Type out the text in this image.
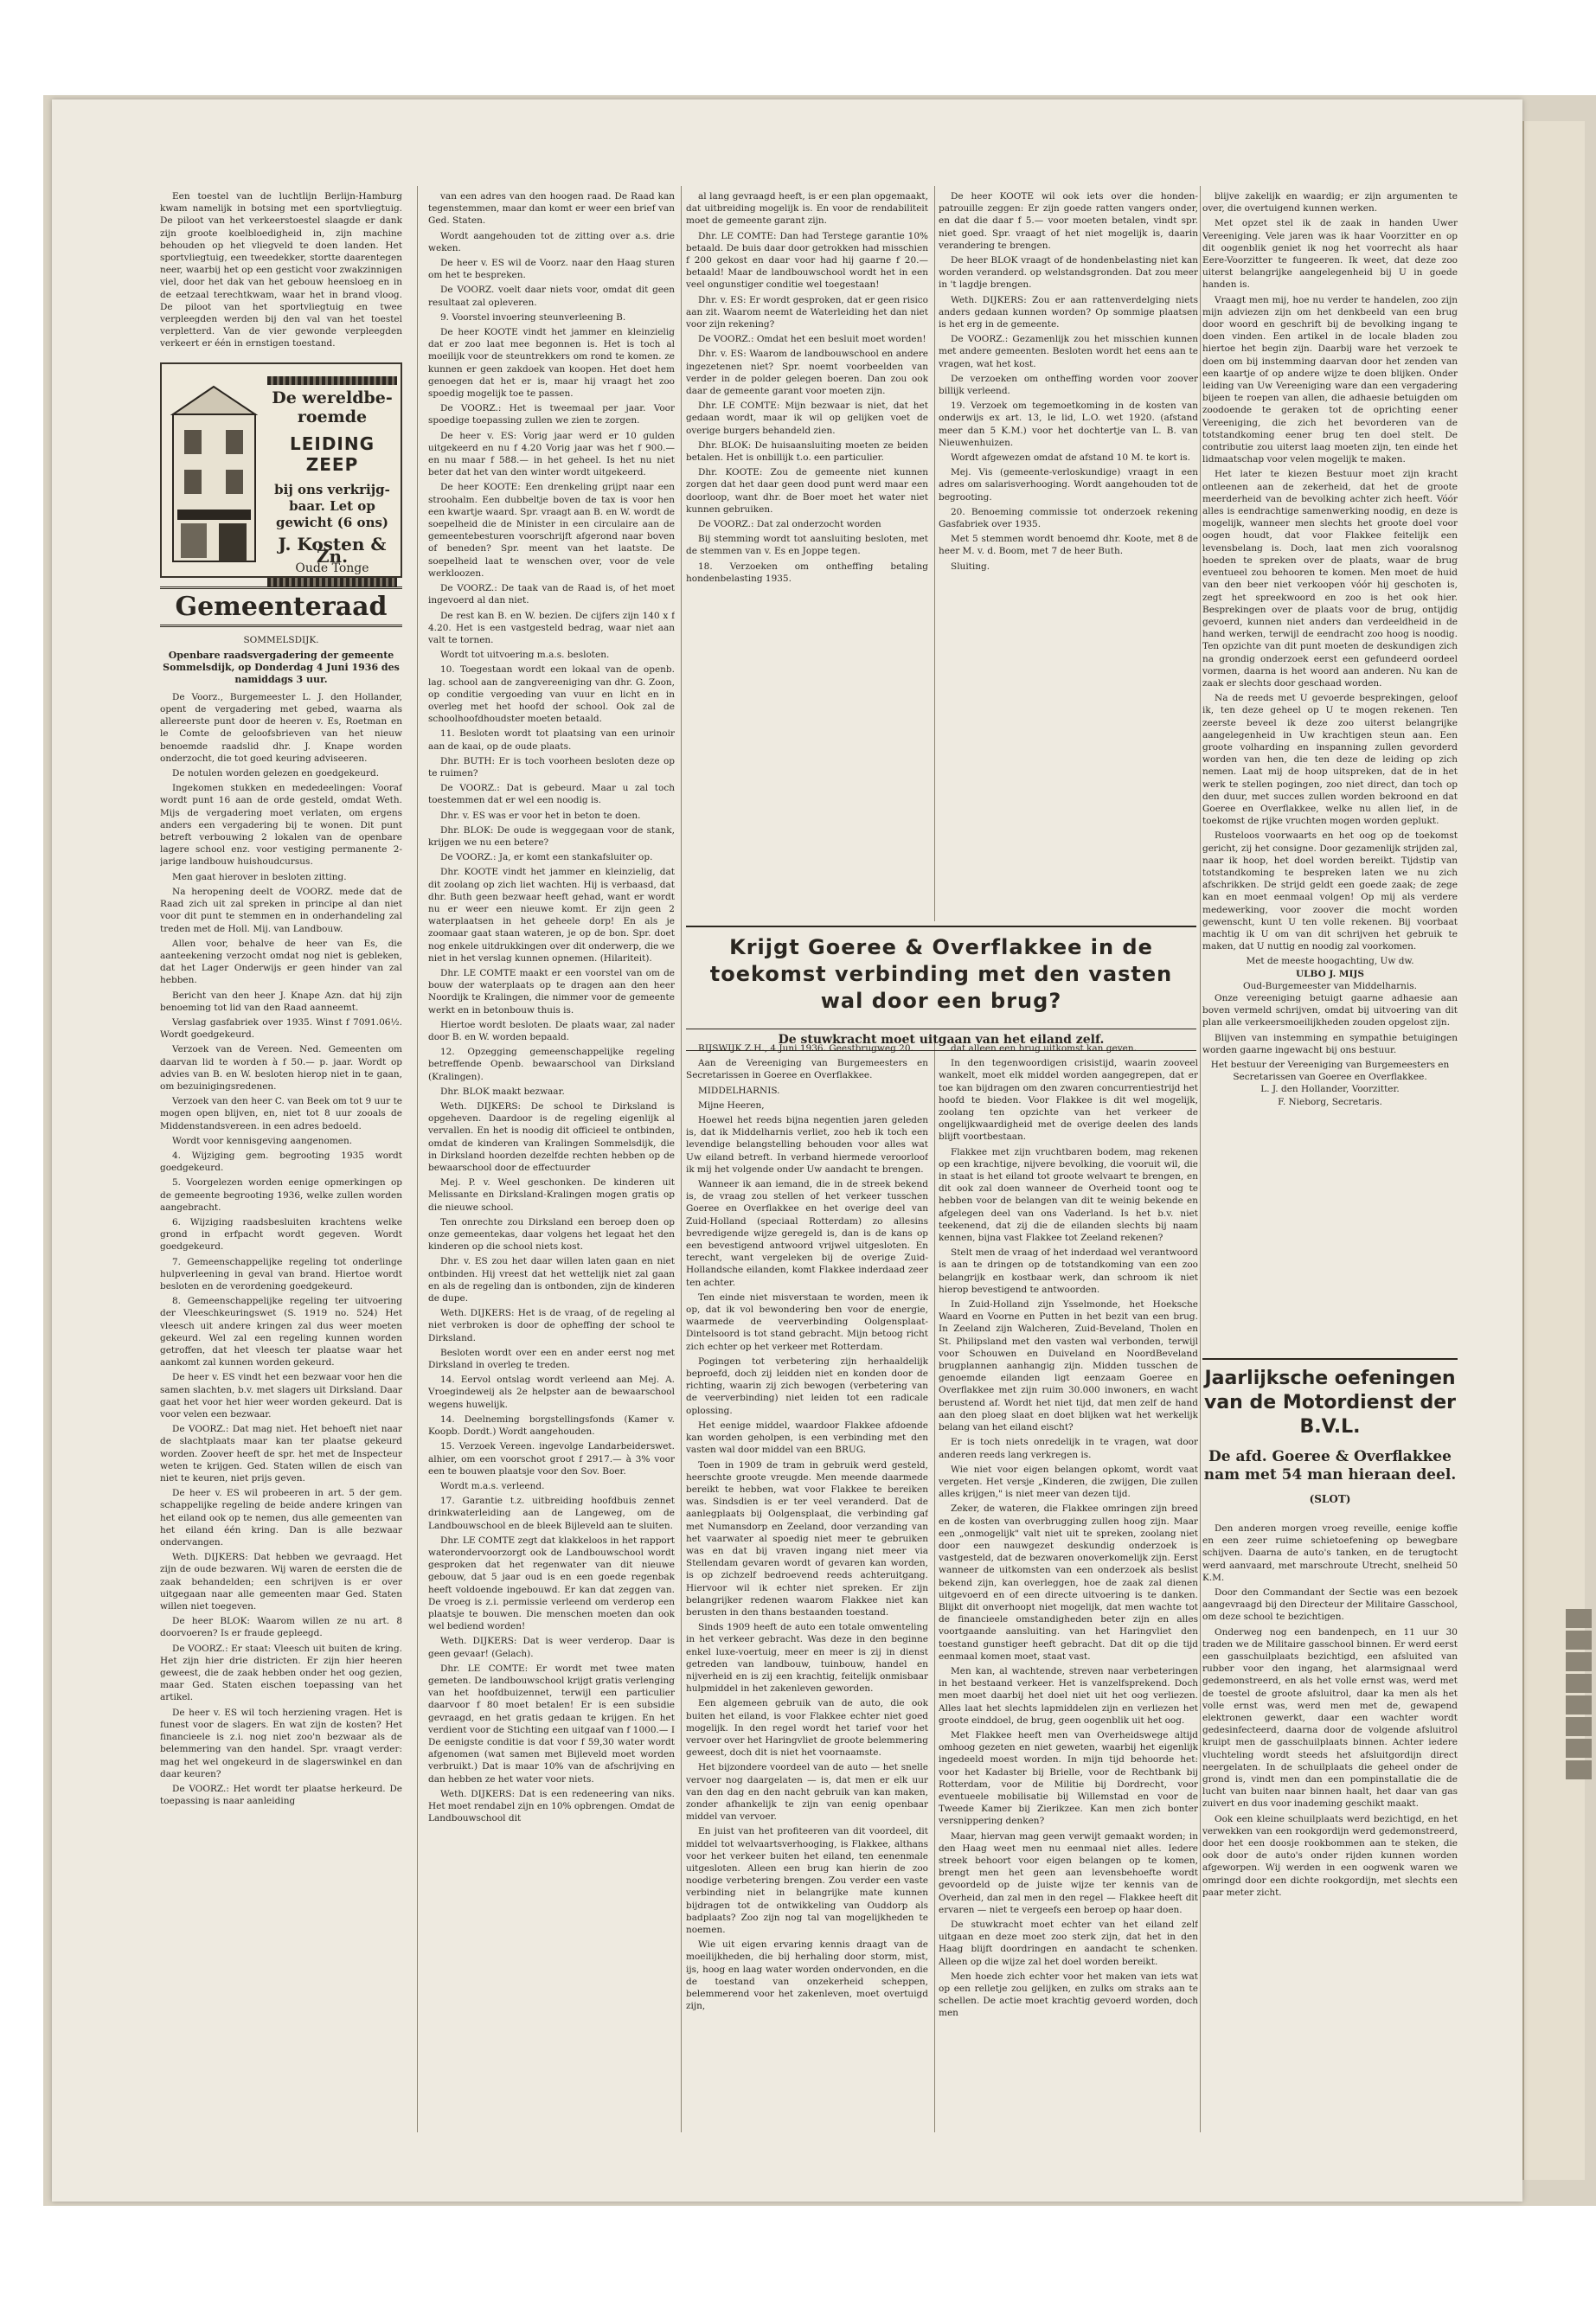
Een toestel van de luchtlijn Berlijn-Hamburg kwam namelijk in botsing met een sportvliegtuig. De piloot van het verkeerstoestel slaagde er dank zijn groote koelbloedigheid in, zijn machine behouden op het vliegveld te doen landen. Het sportvliegtuig, een tweedekker, stortte daarentegen neer, waarbij het op een gesticht voor zwakzinnigen viel, door het dak van het gebouw heensloeg en in de eetzaal terechtkwam, waar het in brand vloog. De piloot van het sportvliegtuig en twee verpleegden werden bij den val van het toestel verpletterd. Van de vier gewonde verpleegden verkeert er één in ernstigen toestand.

De wereldbe- roemde
LEIDING ZEEP
bij ons verkrijg- baar. Let op gewicht (6 ons)
J. Kosten & Zn.
Oude Tonge
Gemeenteraad
SOMMELSDIJK.
Openbare raadsvergadering der gemeente Sommelsdijk, op Donderdag 4 Juni 1936 des namiddags 3 uur.

De Voorz., Burgemeester L. J. den Hollander, opent de vergadering met gebed, waarna als allereerste punt door de heeren v. Es, Roetman en le Comte de geloofsbrieven van het nieuw benoemde raadslid dhr. J. Knape worden onderzocht, die tot goed keuring adviseeren.

De notulen worden gelezen en goedgekeurd.

Ingekomen stukken en mededeelingen: Vooraf wordt punt 16 aan de orde gesteld, omdat Weth. Mijs de vergadering moet verlaten, om ergens anders een vergadering bij te wonen. Dit punt betreft verbouwing 2 lokalen van de openbare lagere school enz. voor vestiging permanente 2-jarige landbouw huishoudcursus.

Men gaat hierover in besloten zitting.

Na heropening deelt de VOORZ. mede dat de Raad zich uit zal spreken in principe al dan niet voor dit punt te stemmen en in onderhandeling zal treden met de Holl. Mij. van Landbouw.

Allen voor, behalve de heer van Es, die aanteekening verzocht omdat nog niet is gebleken, dat het Lager Onderwijs er geen hinder van zal hebben.

Bericht van den heer J. Knape Azn. dat hij zijn benoeming tot lid van den Raad aanneemt.

Verslag gasfabriek over 1935. Winst f 7091.06½. Wordt goedgekeurd.

Verzoek van de Vereen. Ned. Gemeenten om daarvan lid te worden à f 50.— p. jaar. Wordt op advies van B. en W. besloten hierop niet in te gaan, om bezuinigingsredenen.

Verzoek van den heer C. van Beek om tot 9 uur te mogen open blijven, en, niet tot 8 uur zooals de Middenstandsvereen. in een adres bedoeld.

Wordt voor kennisgeving aangenomen.

4. Wijziging gem. begrooting 1935 wordt goedgekeurd.

5. Voorgelezen worden eenige opmerkingen op de gemeente begrooting 1936, welke zullen worden aangebracht.

6. Wijziging raadsbesluiten krachtens welke grond in erfpacht wordt gegeven. Wordt goedgekeurd.

7. Gemeenschappelijke regeling tot onderlinge hulpverleening in geval van brand. Hiertoe wordt besloten en de verordening goedgekeurd.

8. Gemeenschappelijke regeling ter uitvoering der Vleeschkeuringswet (S. 1919 no. 524) Het vleesch uit andere kringen zal dus weer moeten gekeurd. Wel zal een regeling kunnen worden getroffen, dat het vleesch ter plaatse waar het aankomt zal kunnen worden gekeurd.

De heer v. ES vindt het een bezwaar voor hen die samen slachten, b.v. met slagers uit Dirksland. Daar gaat het voor het hier weer worden gekeurd. Dat is voor velen een bezwaar.

De VOORZ.: Dat mag niet. Het behoeft niet naar de slachtplaats maar kan ter plaatse gekeurd worden. Zoover heeft de spr. het met de Inspecteur weten te krijgen. Ged. Staten willen de eisch van niet te keuren, niet prijs geven.

De heer v. ES wil probeeren in art. 5 der gem. schappelijke regeling de beide andere kringen van het eiland ook op te nemen, dus alle gemeenten van het eiland één kring. Dan is alle bezwaar ondervangen.

Weth. DIJKERS: Dat hebben we gevraagd. Het zijn de oude bezwaren. Wij waren de eersten die de zaak behandelden; een schrijven is er over uitgegaan naar alle gemeenten maar Ged. Staten willen niet toegeven.

De heer BLOK: Waarom willen ze nu art. 8 doorvoeren? Is er fraude gepleegd.

De VOORZ.: Er staat: Vleesch uit buiten de kring. Het zijn hier drie districten. Er zijn hier heeren geweest, die de zaak hebben onder het oog gezien, maar Ged. Staten eischen toepassing van het artikel.

De heer v. ES wil toch herziening vragen. Het is funest voor de slagers. En wat zijn de kosten? Het financieele is z.i. nog niet zoo'n bezwaar als de belemmering van den handel. Spr. vraagt verder: mag het wel ongekeurd in de slagerswinkel en dan daar keuren?

De VOORZ.: Het wordt ter plaatse herkeurd. De toepassing is naar aanleiding

van een adres van den hoogen raad. De Raad kan tegenstemmen, maar dan komt er weer een brief van Ged. Staten.

Wordt aangehouden tot de zitting over a.s. drie weken.

De heer v. ES wil de Voorz. naar den Haag sturen om het te bespreken.

De VOORZ. voelt daar niets voor, omdat dit geen resultaat zal opleveren.

9. Voorstel invoering steunverleening B.

De heer KOOTE vindt het jammer en kleinzielig dat er zoo laat mee begonnen is. Het is toch al moeilijk voor de steuntrekkers om rond te komen. ze kunnen er geen zakdoek van koopen. Het doet hem genoegen dat het er is, maar hij vraagt het zoo spoedig mogelijk toe te passen.

De VOORZ.: Het is tweemaal per jaar. Voor spoedige toepassing zullen we zien te zorgen.

De heer v. ES: Vorig jaar werd er 10 gulden uitgekeerd en nu f 4.20 Vorig jaar was het f 900.— en nu maar f 588.— in het geheel. Is het nu niet beter dat het van den winter wordt uitgekeerd.

De heer KOOTE: Een drenkeling grijpt naar een stroohalm. Een dubbeltje boven de tax is voor hen een kwartje waard. Spr. vraagt aan B. en W. wordt de soepelheid die de Minister in een circulaire aan de gemeentebesturen voorschrijft afgerond naar boven of beneden? Spr. meent van het laatste. De soepelheid laat te wenschen over, voor de vele werkloozen.

De VOORZ.: De taak van de Raad is, of het moet ingevoerd al dan niet.

De rest kan B. en W. bezien. De cijfers zijn 140 x f 4.20. Het is een vastgesteld bedrag, waar niet aan valt te tornen.

Wordt tot uitvoering m.a.s. besloten.

10. Toegestaan wordt een lokaal van de openb. lag. school aan de zangvereeniging van dhr. G. Zoon, op conditie vergoeding van vuur en licht en in overleg met het hoofd der school. Ook zal de schoolhoofdhoudster moeten betaald.

11. Besloten wordt tot plaatsing van een urinoir aan de kaai, op de oude plaats.

Dhr. BUTH: Er is toch voorheen besloten deze op te ruimen?

De VOORZ.: Dat is gebeurd. Maar u zal toch toestemmen dat er wel een noodig is.

Dhr. v. ES was er voor het in beton te doen.

Dhr. BLOK: De oude is weggegaan voor de stank, krijgen we nu een betere?

De VOORZ.: Ja, er komt een stankafsluiter op.

Dhr. KOOTE vindt het jammer en kleinzielig, dat dit zoolang op zich liet wachten. Hij is verbaasd, dat dhr. Buth geen bezwaar heeft gehad, want er wordt nu er weer een nieuwe komt. Er zijn geen 2 waterplaatsen in het geheele dorp! En als je zoomaar gaat staan wateren, je op de bon. Spr. doet nog enkele uitdrukkingen over dit onderwerp, die we niet in het verslag kunnen opnemen. (Hilariteit).

Dhr. LE COMTE maakt er een voorstel van om de bouw der waterplaats op te dragen aan den heer Noordijk te Kralingen, die nimmer voor de gemeente werkt en in betonbouw thuis is.

Hiertoe wordt besloten. De plaats waar, zal nader door B. en W. worden bepaald.

12. Opzegging gemeenschappelijke regeling betreffende Openb. bewaarschool van Dirksland (Kralingen).

Dhr. BLOK maakt bezwaar.

Weth. DIJKERS: De school te Dirksland is opgeheven. Daardoor is de regeling eigenlijk al vervallen. En het is noodig dit officieel te ontbinden, omdat de kinderen van Kralingen Sommelsdijk, die in Dirksland hoorden dezelfde rechten hebben op de bewaarschool door de effectuurder

Mej. P. v. Weel geschonken. De kinderen uit Melissante en Dirksland-Kralingen mogen gratis op die nieuwe school.

Ten onrechte zou Dirksland een beroep doen op onze gemeentekas, daar volgens het legaat het den kinderen op die school niets kost.

Dhr. v. ES zou het daar willen laten gaan en niet ontbinden. Hij vreest dat het wettelijk niet zal gaan en als de regeling dan is ontbonden, zijn de kinderen de dupe.

Weth. DIJKERS: Het is de vraag, of de regeling al niet verbroken is door de opheffing der school te Dirksland.

Besloten wordt over een en ander eerst nog met Dirksland in overleg te treden.

14. Eervol ontslag wordt verleend aan Mej. A. Vroegindeweij als 2e helpster aan de bewaarschool wegens huwelijk.

14. Deelneming borgstellingsfonds (Kamer v. Koopb. Dordt.) Wordt aangehouden.

15. Verzoek Vereen. ingevolge Landarbeiderswet. alhier, om een voorschot groot f 2917.— à 3% voor een te bouwen plaatsje voor den Sov. Boer.

Wordt m.a.s. verleend.

17. Garantie t.z. uitbreiding hoofdbuis zennet drinkwaterleiding aan de Langeweg, om de Landbouwschool en de bleek Bijleveld aan te sluiten.

Dhr. LE COMTE zegt dat klakkeloos in het rapport waterondervoorzorgt ook de Landbouwschool wordt gesproken dat het regenwater van dit nieuwe gebouw, dat 5 jaar oud is en een goede regenbak heeft voldoende ingebouwd. Er kan dat zeggen van. De vroeg is z.i. permissie verleend om verderop een plaatsje te bouwen. Die menschen moeten dan ook wel bediend worden!

Weth. DIJKERS: Dat is weer verderop. Daar is geen gevaar! (Gelach).

Dhr. LE COMTE: Er wordt met twee maten gemeten. De landbouwschool krijgt gratis verlenging van het hoofdbuizennet, terwijl een particulier daarvoor f 80 moet betalen! Er is een subsidie gevraagd, en het gratis gedaan te krijgen. En het verdient voor de Stichting een uitgaaf van f 1000.— I De eenigste conditie is dat voor f 59,30 water wordt afgenomen (wat samen met Bijleveld moet worden verbruikt.) Dat is maar 10% van de afschrijving en dan hebben ze het water voor niets.

Weth. DIJKERS: Dat is een redeneering van niks. Het moet rendabel zijn en 10% opbrengen. Omdat de Landbouwschool dit

al lang gevraagd heeft, is er een plan opgemaakt, dat uitbreiding mogelijk is. En voor de rendabiliteit moet de gemeente garant zijn.

Dhr. LE COMTE: Dan had Terstege garantie 10% betaald. De buis daar door getrokken had misschien f 200 gekost en daar voor had hij gaarne f 20.— betaald! Maar de landbouwschool wordt het in een veel ongunstiger conditie wel toegestaan!

Dhr. v. ES: Er wordt gesproken, dat er geen risico aan zit. Waarom neemt de Waterleiding het dan niet voor zijn rekening?

De VOORZ.: Omdat het een besluit moet worden!

Dhr. v. ES: Waarom de landbouwschool en andere ingezetenen niet? Spr. noemt voorbeelden van verder in de polder gelegen boeren. Dan zou ook daar de gemeente garant voor moeten zijn.

Dhr. LE COMTE: Mijn bezwaar is niet, dat het gedaan wordt, maar ik wil op gelijken voet de overige burgers behandeld zien.

Dhr. BLOK: De huisaansluiting moeten ze beiden betalen. Het is onbillijk t.o. een particulier.

Dhr. KOOTE: Zou de gemeente niet kunnen zorgen dat het daar geen dood punt werd maar een doorloop, want dhr. de Boer moet het water niet kunnen gebruiken.

De VOORZ.: Dat zal onderzocht worden

Bij stemming wordt tot aansluiting besloten, met de stemmen van v. Es en Joppe tegen.

18. Verzoeken om ontheffing betaling hondenbelasting 1935.

De heer KOOTE wil ook iets over die honden-patrouille zeggen: Er zijn goede ratten vangers onder, en dat die daar f 5.— voor moeten betalen, vindt spr. niet goed. Spr. vraagt of het niet mogelijk is, daarin verandering te brengen.

De heer BLOK vraagt of de hondenbelasting niet kan worden veranderd. op welstandsgronden. Dat zou meer in 't lagdje brengen.

Weth. DIJKERS: Zou er aan rattenverdelging niets anders gedaan kunnen worden? Op sommige plaatsen is het erg in de gemeente.

De VOORZ.: Gezamenlijk zou het misschien kunnen met andere gemeenten. Besloten wordt het eens aan te vragen, wat het kost.

De verzoeken om ontheffing worden voor zoover billijk verleend.

19. Verzoek om tegemoetkoming in de kosten van onderwijs ex art. 13, le lid, L.O. wet 1920. (afstand meer dan 5 K.M.) voor het dochtertje van L. B. van Nieuwenhuizen.

Wordt afgewezen omdat de afstand 10 M. te kort is.

Mej. Vis (gemeente-verloskundige) vraagt in een adres om salarisverhooging. Wordt aangehouden tot de begrooting.

20. Benoeming commissie tot onderzoek rekening Gasfabriek over 1935.

Met 5 stemmen wordt benoemd dhr. Koote, met 8 de heer M. v. d. Boom, met 7 de heer Buth.

Sluiting.

Krijgt Goeree & Overflakkee in de toekomst verbinding met den vasten wal door een brug?
De stuwkracht moet uitgaan van het eiland zelf.

RIJSWIJK Z.H., 4 Juni 1936. Geestbrugweg 20.

Aan de Vereeniging van Burgemeesters en Secretarissen in Goeree en Overflakkee.

MIDDELHARNIS.

Mijne Heeren,

Hoewel het reeds bijna negentien jaren geleden is, dat ik Middelharnis verliet, zoo heb ik toch een levendige belangstelling behouden voor alles wat Uw eiland betreft. In verband hiermede veroorloof ik mij het volgende onder Uw aandacht te brengen.

Wanneer ik aan iemand, die in de streek bekend is, de vraag zou stellen of het verkeer tusschen Goeree en Overflakkee en het overige deel van Zuid-Holland (speciaal Rotterdam) zo allesins bevredigende wijze geregeld is, dan is de kans op een bevestigend antwoord vrijwel uitgesloten. En terecht, want vergeleken bij de overige Zuid-Hollandsche eilanden, komt Flakkee inderdaad zeer ten achter.

Ten einde niet misverstaan te worden, meen ik op, dat ik vol bewondering ben voor de energie, waarmede de veerverbinding Oolgensplaat-Dintelsoord is tot stand gebracht. Mijn betoog richt zich echter op het verkeer met Rotterdam.

Pogingen tot verbetering zijn herhaaldelijk beproefd, doch zij leidden niet en konden door de richting, waarin zij zich bewogen (verbetering van de veerverbinding) niet leiden tot een radicale oplossing.

Het eenige middel, waardoor Flakkee afdoende kan worden geholpen, is een verbinding met den vasten wal door middel van een BRUG.

Toen in 1909 de tram in gebruik werd gesteld, heerschte groote vreugde. Men meende daarmede bereikt te hebben, wat voor Flakkee te bereiken was. Sindsdien is er ter veel veranderd. Dat de aanlegplaats bij Oolgensplaat, die verbinding gaf met Numansdorp en Zeeland, door verzanding van het vaarwater al spoedig niet meer te gebruiken was en dat bij vraven ingang niet meer via Stellendam gevaren wordt of gevaren kan worden, is op zichzelf bedroevend reeds achteruitgang. Hiervoor wil ik echter niet spreken. Er zijn belangrijker redenen waarom Flakkee niet kan berusten in den thans bestaanden toestand.

Sinds 1909 heeft de auto een totale omwenteling in het verkeer gebracht. Was deze in den beginne enkel luxe-voertuig, meer en meer is zij in dienst getreden van landbouw, tuinbouw, handel en nijverheid en is zij een krachtig, feitelijk onmisbaar hulpmiddel in het zakenleven geworden.

Een algemeen gebruik van de auto, die ook buiten het eiland, is voor Flakkee echter niet goed mogelijk. In den regel wordt het tarief voor het vervoer over het Haringvliet de groote belemmering geweest, doch dit is niet het voornaamste.

Het bijzondere voordeel van de auto — het snelle vervoer nog daargelaten — is, dat men er elk uur van den dag en den nacht gebruik van kan maken, zonder afhankelijk te zijn van eenig openbaar middel van vervoer.

En juist van het profiteeren van dit voordeel, dit middel tot welvaartsverhooging, is Flakkee, althans voor het verkeer buiten het eiland, ten eenenmale uitgesloten. Alleen een brug kan hierin de zoo noodige verbetering brengen. Zou verder een vaste verbinding niet in belangrijke mate kunnen bijdragen tot de ontwikkeling van Ouddorp als badplaats? Zoo zijn nog tal van mogelijkheden te noemen.

Wie uit eigen ervaring kennis draagt van de moeilijkheden, die bij herhaling door storm, mist, ijs, hoog en laag water worden ondervonden, en die de toestand van onzekerheid scheppen, belemmerend voor het zakenleven, moet overtuigd zijn,

dat alleen een brug uitkomst kan geven.

In den tegenwoordigen crisistijd, waarin zooveel wankelt, moet elk middel worden aangegrepen, dat er toe kan bijdragen om den zwaren concurrentiestrijd het hoofd te bieden. Voor Flakkee is dit wel mogelijk, zoolang ten opzichte van het verkeer de ongelijkwaardigheid met de overige deelen des lands blijft voortbestaan.

Flakkee met zijn vruchtbaren bodem, mag rekenen op een krachtige, nijvere bevolking, die vooruit wil, die in staat is het eiland tot groote welvaart te brengen, en dit ook zal doen wanneer de Overheid toont oog te hebben voor de belangen van dit te weinig bekende en afgelegen deel van ons Vaderland. Is het b.v. niet teekenend, dat zij die de eilanden slechts bij naam kennen, bijna vast Flakkee tot Zeeland rekenen?

Stelt men de vraag of het inderdaad wel verantwoord is aan te dringen op de totstandkoming van een zoo belangrijk en kostbaar werk, dan schroom ik niet hierop bevestigend te antwoorden.

In Zuid-Holland zijn Ysselmonde, het Hoeksche Waard en Voorne en Putten in het bezit van een brug. In Zeeland zijn Walcheren, Zuid-Beveland, Tholen en St. Philipsland met den vasten wal verbonden, terwijl voor Schouwen en Duiveland en NoordBeveland brugplannen aanhangig zijn. Midden tusschen de genoemde eilanden ligt eenzaam Goeree en Overflakkee met zijn ruim 30.000 inwoners, en wacht berustend af. Wordt het niet tijd, dat men zelf de hand aan den ploeg slaat en doet blijken wat het werkelijk belang van het eiland eischt?

Er is toch niets onredelijk in te vragen, wat door anderen reeds lang verkregen is.

Wie niet voor eigen belangen opkomt, wordt vaat vergeten. Het versje „Kinderen, die zwijgen, Die zullen alles krijgen," is niet meer van dezen tijd.

Zeker, de wateren, die Flakkee omringen zijn breed en de kosten van overbrugging zullen hoog zijn. Maar een „onmogelijk" valt niet uit te spreken, zoolang niet door een nauwgezet deskundig onderzoek is vastgesteld, dat de bezwaren onoverkomelijk zijn. Eerst wanneer de uitkomsten van een onderzoek als beslist bekend zijn, kan overleggen, hoe de zaak zal dienen uitgevoerd en of een directe uitvoering is te danken. Blijkt dit onverhoopt niet mogelijk, dat men wachte tot de financieele omstandigheden beter zijn en alles voortgaande aansluiting. van het Haringvliet den toestand gunstiger heeft gebracht. Dat dit op die tijd eenmaal komen moet, staat vast.

Men kan, al wachtende, streven naar verbeteringen in het bestaand verkeer. Het is vanzelfsprekend. Doch men moet daarbij het doel niet uit het oog verliezen. Alles laat het slechts lapmiddelen zijn en verliezen het groote einddoel, de brug, geen oogenblik uit het oog.

Met Flakkee heeft men van Overheidswege altijd omhoog gezeten en niet geweten, waarbij het eigenlijk ingedeeld moest worden. In mijn tijd behoorde het: voor het Kadaster bij Brielle, voor de Rechtbank bij Rotterdam, voor de Militie bij Dordrecht, voor eventueele mobilisatie bij Willemstad en voor de Tweede Kamer bij Zierikzee. Kan men zich bonter versnippering denken?

Maar, hiervan mag geen verwijt gemaakt worden; in den Haag weet men nu eenmaal niet alles. Iedere streek behoort voor eigen belangen op te komen, brengt men het geen aan levensbehoefte wordt gevoordeld op de juiste wijze ter kennis van de Overheid, dan zal men in den regel — Flakkee heeft dit ervaren — niet te vergeefs een beroep op haar doen.

De stuwkracht moet echter van het eiland zelf uitgaan en deze moet zoo sterk zijn, dat het in den Haag blijft doordringen en aandacht te schenken. Alleen op die wijze zal het doel worden bereikt.

Men hoede zich echter voor het maken van iets wat op een relletje zou gelijken, en zulks om straks aan te schellen. De actie moet krachtig gevoerd worden, doch men

blijve zakelijk en waardig; er zijn argumenten te over, die overtuigend kunnen werken.

Met opzet stel ik de zaak in handen Uwer Vereeniging. Vele jaren was ik haar Voorzitter en op dit oogenblik geniet ik nog het voorrecht als haar Eere-Voorzitter te fungeeren. Ik weet, dat deze zoo uiterst belangrijke aangelegenheid bij U in goede handen is.

Vraagt men mij, hoe nu verder te handelen, zoo zijn mijn adviezen zijn om het denkbeeld van een brug door woord en geschrift bij de bevolking ingang te doen vinden. Een artikel in de locale bladen zou hiertoe het begin zijn. Daarbij ware het verzoek te doen om bij instemming daarvan door het zenden van een kaartje of op andere wijze te doen blijken. Onder leiding van Uw Vereeniging ware dan een vergadering bijeen te roepen van allen, die adhaesie betuigden om zoodoende te geraken tot de oprichting eener Vereeniging, die zich het bevorderen van de totstandkoming eener brug ten doel stelt. De contributie zou uiterst laag moeten zijn, ten einde het lidmaatschap voor velen mogelijk te maken.

Het later te kiezen Bestuur moet zijn kracht ontleenen aan de zekerheid, dat het de groote meerderheid van de bevolking achter zich heeft. Vóór alles is eendrachtige samenwerking noodig, en deze is mogelijk, wanneer men slechts het groote doel voor oogen houdt, dat voor Flakkee feitelijk een levensbelang is. Doch, laat men zich vooralsnog hoeden te spreken over de plaats, waar de brug eventueel zou behooren te komen. Men moet de huid van den beer niet verkoopen vóór hij geschoten is, zegt het spreekwoord en zoo is het ook hier. Besprekingen over de plaats voor de brug, ontijdig gevoerd, kunnen niet anders dan verdeeldheid in de hand werken, terwijl de eendracht zoo hoog is noodig. Ten opzichte van dit punt moeten de deskundigen zich na grondig onderzoek eerst een gefundeerd oordeel vormen, daarna is het woord aan anderen. Nu kan de zaak er slechts door geschaad worden.

Na de reeds met U gevoerde besprekingen, geloof ik, ten deze geheel op U te mogen rekenen. Ten zeerste beveel ik deze zoo uiterst belangrijke aangelegenheid in Uw krachtigen steun aan. Een groote volharding en inspanning zullen gevorderd worden van hen, die ten deze de leiding op zich nemen. Laat mij de hoop uitspreken, dat de in het werk te stellen pogingen, zoo niet direct, dan toch op den duur, met succes zullen worden bekroond en dat Goeree en Overflakkee, welke nu allen lief, in de toekomst de rijke vruchten mogen worden geplukt.

Rusteloos voorwaarts en het oog op de toekomst gericht, zij het consigne. Door gezamenlijk strijden zal, naar ik hoop, het doel worden bereikt. Tijdstip van totstandkoming te bespreken laten we nu zich afschrikken. De strijd geldt een goede zaak; de zege kan en moet eenmaal volgen! Op mij als verdere medewerking, voor zoover die mocht worden gewenscht, kunt U ten volle rekenen. Bij voorbaat machtig ik U om van dit schrijven het gebruik te maken, dat U nuttig en noodig zal voorkomen.

Met de meeste hoogachting, Uw dw.
ULBO J. MIJS
Oud-Burgemeester van Middelharnis.

Onze vereeniging betuigt gaarne adhaesie aan boven vermeld schrijven, omdat bij uitvoering van dit plan alle verkeersmoeilijkheden zouden opgelost zijn.

Blijven van instemming en sympathie betuigingen worden gaarne ingewacht bij ons bestuur.

Het bestuur der Vereeniging van Burgemeesters en Secretarissen van Goeree en Overflakkee.
L. J. den Hollander, Voorzitter.
F. Nieborg, Secretaris.
Jaarlijksche oefeningen van de Motordienst der B.V.L.
De afd. Goeree & Overflakkee nam met 54 man hieraan deel.
(SLOT)

Den anderen morgen vroeg reveille, eenige koffie en een zeer ruime schietoefening op bewegbare schijven. Daarna de auto's tanken, en de terugtocht werd aanvaard, met marschroute Utrecht, snelheid 50 K.M.

Door den Commandant der Sectie was een bezoek aangevraagd bij den Directeur der Militaire Gasschool, om deze school te bezichtigen.

Onderweg nog een bandenpech, en 11 uur 30 traden we de Militaire gasschool binnen. Er werd eerst een gasschuilplaats bezichtigd, een afsluited van rubber voor den ingang, het alarmsignaal werd gedemonstreerd, en als het volle ernst was, werd met de toestel de groote afsluitrol, daar ka men als het volle ernst was, werd men met de, gewapend elektronen gewerkt, daar een wachter wordt gedesinfecteerd, daarna door de volgende afsluitrol kruipt men de gasschuilplaats binnen. Achter iedere vluchteling wordt steeds het afsluitgordijn direct neergelaten. In de schuilplaats die geheel onder de grond is, vindt men dan een pompinstallatie die de lucht van buiten naar binnen haalt, het daar van gas zuivert en dus voor inademing geschikt maakt.

Ook een kleine schuilplaats werd bezichtigd, en het verwekken van een rookgordijn werd gedemonstreerd, door het een doosje rookbommen aan te steken, die ook door de auto's onder rijden kunnen worden afgeworpen. Wij werden in een oogwenk waren we omringd door een dichte rookgordijn, met slechts een paar meter zicht.
